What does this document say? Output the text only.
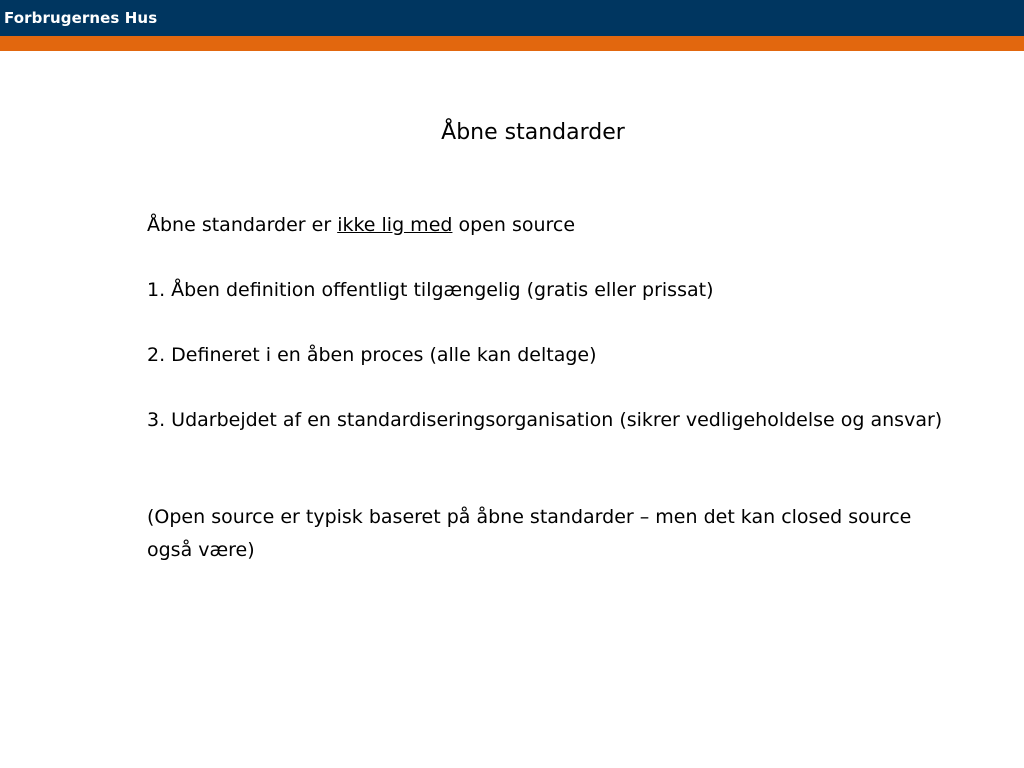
Forbrugernes Hus
Åbne standarder

Åbne standarder er ikke lig med open source

1. Åben definition offentligt tilgængelig (gratis eller prissat)

2. Defineret i en åben proces (alle kan deltage)

3. Udarbejdet af en standardiseringsorganisation (sikrer vedligeholdelse og ansvar)

(Open source er typisk baseret på åbne standarder – men det kan closed source også være)
